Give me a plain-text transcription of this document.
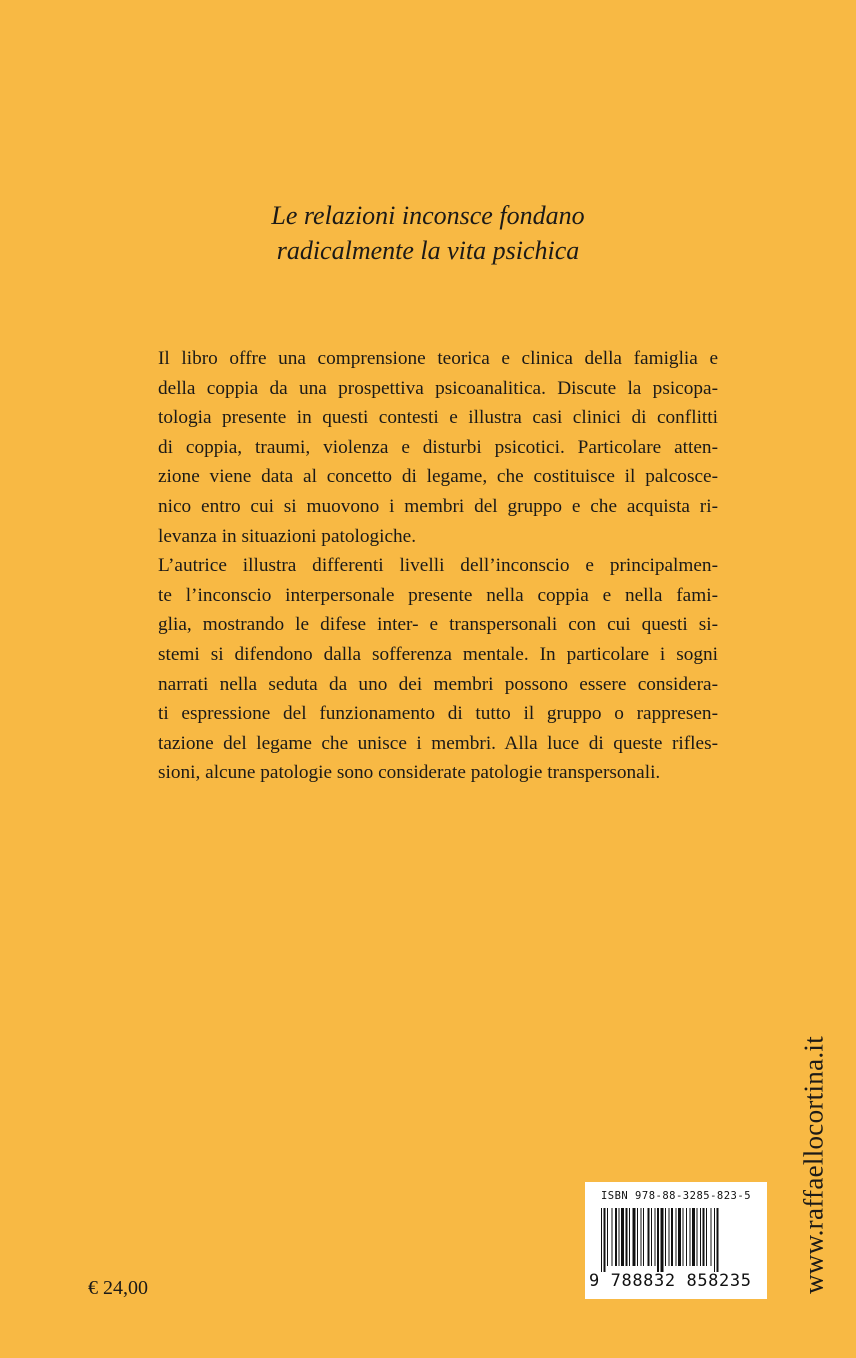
Le relazioni inconsce fondano
radicalmente la vita psichica
Il libro offre una comprensione teorica e clinica della famiglia e
della coppia da una prospettiva psicoanalitica. Discute la psicopa-
tologia presente in questi contesti e illustra casi clinici di conflitti
di coppia, traumi, violenza e disturbi psicotici. Particolare atten-
zione viene data al concetto di legame, che costituisce il palcosce-
nico entro cui si muovono i membri del gruppo e che acquista ri-
levanza in situazioni patologiche.
L’autrice illustra differenti livelli dell’inconscio e principalmen-
te l’inconscio interpersonale presente nella coppia e nella fami-
glia, mostrando le difese inter- e transpersonali con cui questi si-
stemi si difendono dalla sofferenza mentale. In particolare i sogni
narrati nella seduta da uno dei membri possono essere considera-
ti espressione del funzionamento di tutto il gruppo o rappresen-
tazione del legame che unisce i membri. Alla luce di queste rifles-
sioni, alcune patologie sono considerate patologie transpersonali.
€ 24,00	www.raffaellocortina.it
ISBN 978-88-3285-823-5
9 788832 858235
